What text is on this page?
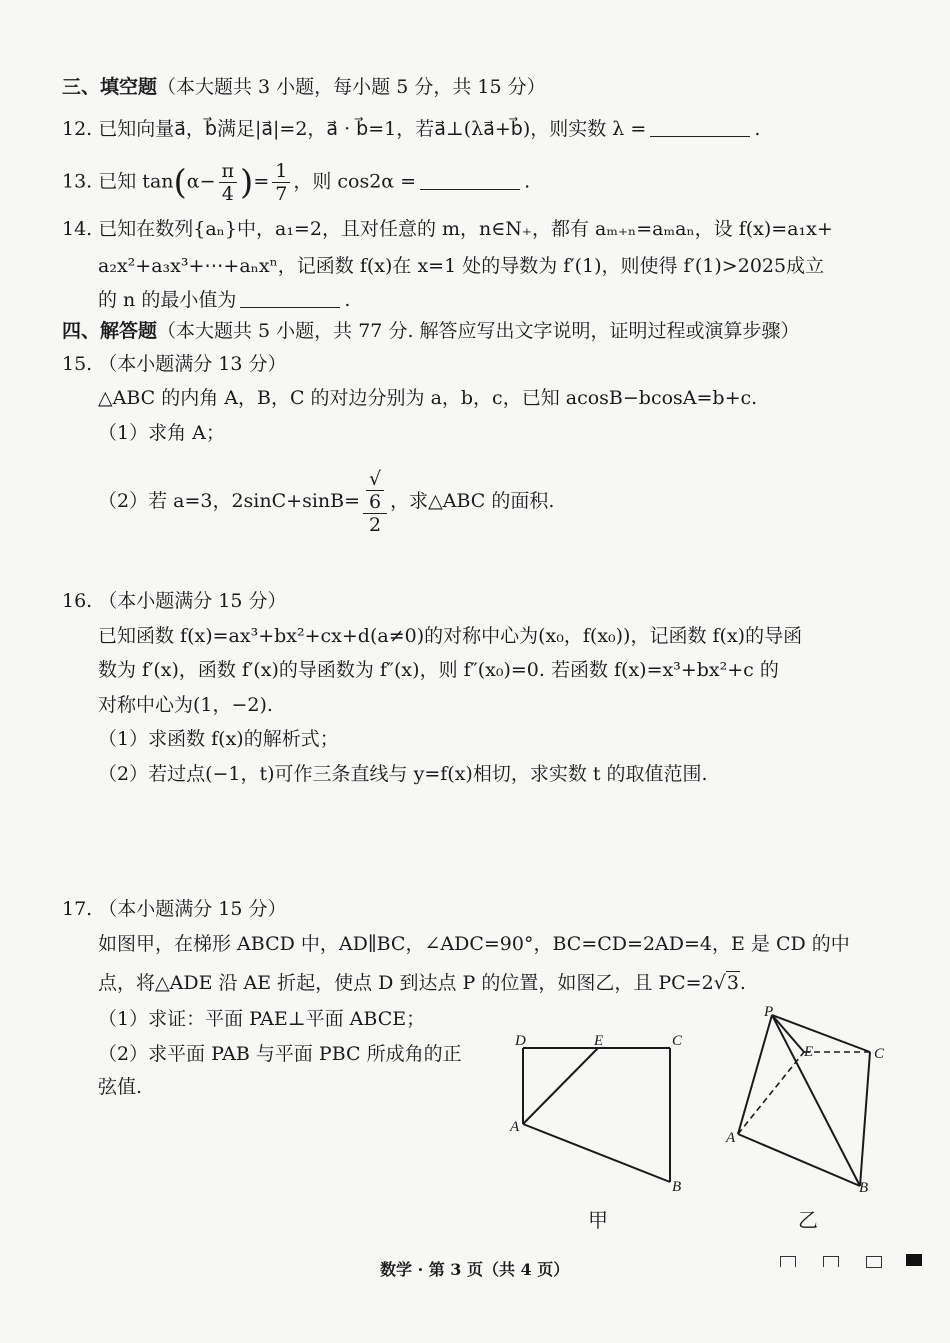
三、填空题（本大题共 3 小题，每小题 5 分，共 15 分）
12. 已知向量a⃗，b⃗满足|a⃗|=2，a⃗ · b⃗=1，若a⃗⊥(λa⃗+b⃗)，则实数 λ =	.
13. 已知 $\tan(\alpha- \frac{\pi}{4}$ )= $\frac{1}{7}$ ，则 cos2α =	.
14. 已知在数列{aₙ}中，a₁=2，且对任意的 m，n∈N₊，都有 aₘ₊ₙ=aₘaₙ，设 f(x)=a₁x+
a₂x²+a₃x³+⋯+aₙxⁿ，记函数 f(x)在 x=1 处的导数为 f′(1)，则使得 f′(1)>2025成立
的 n 的最小值为	.
四、解答题（本大题共 5 小题，共 77 分. 解答应写出文字说明，证明过程或演算步骤）
15. （本小题满分 13 分）
△ABC 的内角 A，B，C 的对边分别为 a，b，c，已知 acosB−bcosA=b+c.
（1）求角 A；
（2）若 a=3，2sinC+sinB= √
6
2 ，求△ABC 的面积.
16. （本小题满分 15 分）
已知函数 f(x)=ax³+bx²+cx+d(a≠0)的对称中心为(x₀，f(x₀))，记函数 f(x)的导函
数为 f′(x)，函数 f′(x)的导函数为 f″(x)，则 f″(x₀)=0. 若函数 f(x)=x³+bx²+c 的
对称中心为(1，−2).
（1）求函数 f(x)的解析式；
（2）若过点(−1，t)可作三条直线与 y=f(x)相切，求实数 t 的取值范围.
17. （本小题满分 15 分）
如图甲，在梯形 ABCD 中，AD∥BC，∠ADC=90°，BC=CD=2AD=4，E 是 CD 的中
点，将△ADE 沿 AE 折起，使点 D 到达点 P 的位置，如图乙，且 PC=2√3.
（1）求证：平面 PAE⊥平面 ABCE；
（2）求平面 PAB 与平面 PBC 所成角的正
弦值.
D	E	C
A
B
甲
P
E	C
A
B
乙
数学 · 第 3 页（共 4 页）
